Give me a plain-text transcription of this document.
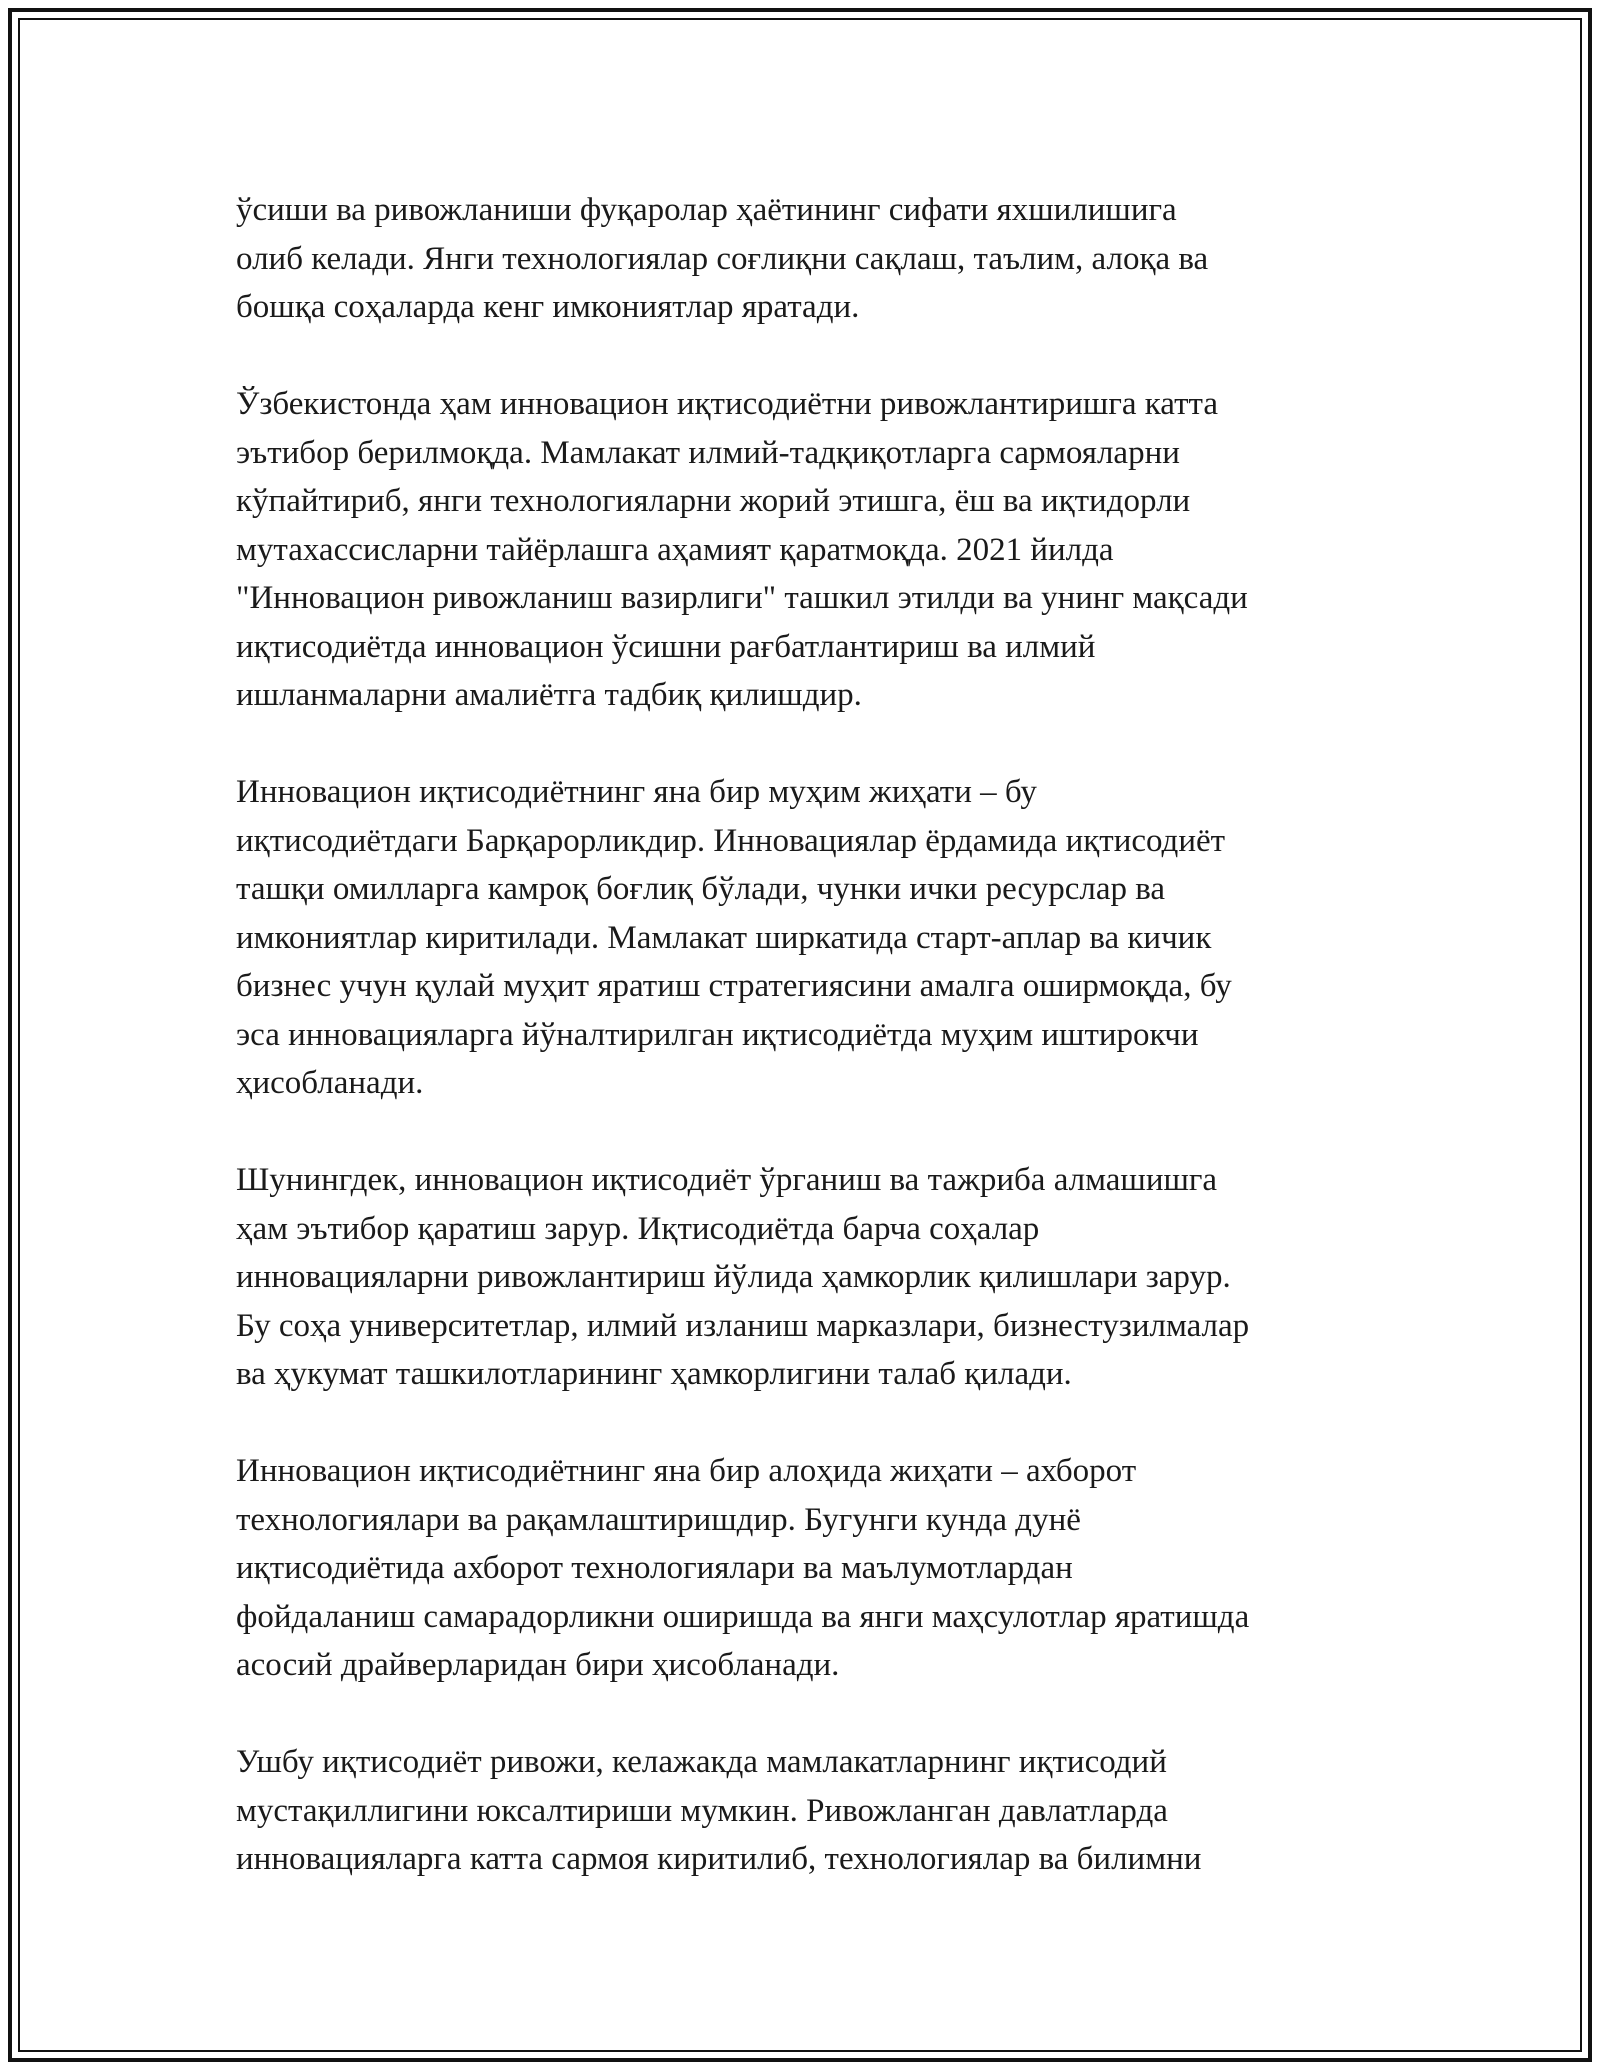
ўсиши ва ривожланиши фуқаролар ҳаётининг сифати яхшилишига
олиб келади. Янги технологиялар соғлиқни сақлаш, таълим, алоқа ва
бошқа соҳаларда кенг имкониятлар яратади.

Ўзбекистонда ҳам инновацион иқтисодиётни ривожлантиришга катта
эътибор берилмоқда. Мамлакат илмий-тадқиқотларга сармояларни
кўпайтириб, янги технологияларни жорий этишга, ёш ва иқтидорли
мутахассисларни тайёрлашга аҳамият қаратмоқда. 2021 йилда
"Инновацион ривожланиш вазирлиги" ташкил этилди ва унинг мақсади
иқтисодиётда инновацион ўсишни рағбатлантириш ва илмий
ишланмаларни амалиётга тадбиқ қилишдир.

Инновацион иқтисодиётнинг яна бир муҳим жиҳати – бу
иқтисодиётдаги Барқарорликдир. Инновациялар ёрдамида иқтисодиёт
ташқи омилларга камроқ боғлиқ бўлади, чунки ички ресурслар ва
имкониятлар киритилади. Мамлакат ширкатида старт-аплар ва кичик
бизнес учун қулай муҳит яратиш стратегиясини амалга оширмоқда, бу
эса инновацияларга йўналтирилган иқтисодиётда муҳим иштирокчи
ҳисобланади.

Шунингдек, инновацион иқтисодиёт ўрганиш ва тажриба алмашишга
ҳам эътибор қаратиш зарур. Иқтисодиётда барча соҳалар
инновацияларни ривожлантириш йўлида ҳамкорлик қилишлари зарур.
Бу соҳа университетлар, илмий изланиш марказлари, бизнестузилмалар
ва ҳукумат ташкилотларининг ҳамкорлигини талаб қилади.

Инновацион иқтисодиётнинг яна бир алоҳида жиҳати – ахборот
технологиялари ва рақамлаштиришдир. Бугунги кунда дунё
иқтисодиётида ахборот технологиялари ва маълумотлардан
фойдаланиш самарадорликни оширишда ва янги маҳсулотлар яратишда
асосий драйверларидан бири ҳисобланади.

Ушбу иқтисодиёт ривожи, келажакда мамлакатларнинг иқтисодий
мустақиллигини юксалтириши мумкин. Ривожланган давлатларда
инновацияларга катта сармоя киритилиб, технологиялар ва билимни
